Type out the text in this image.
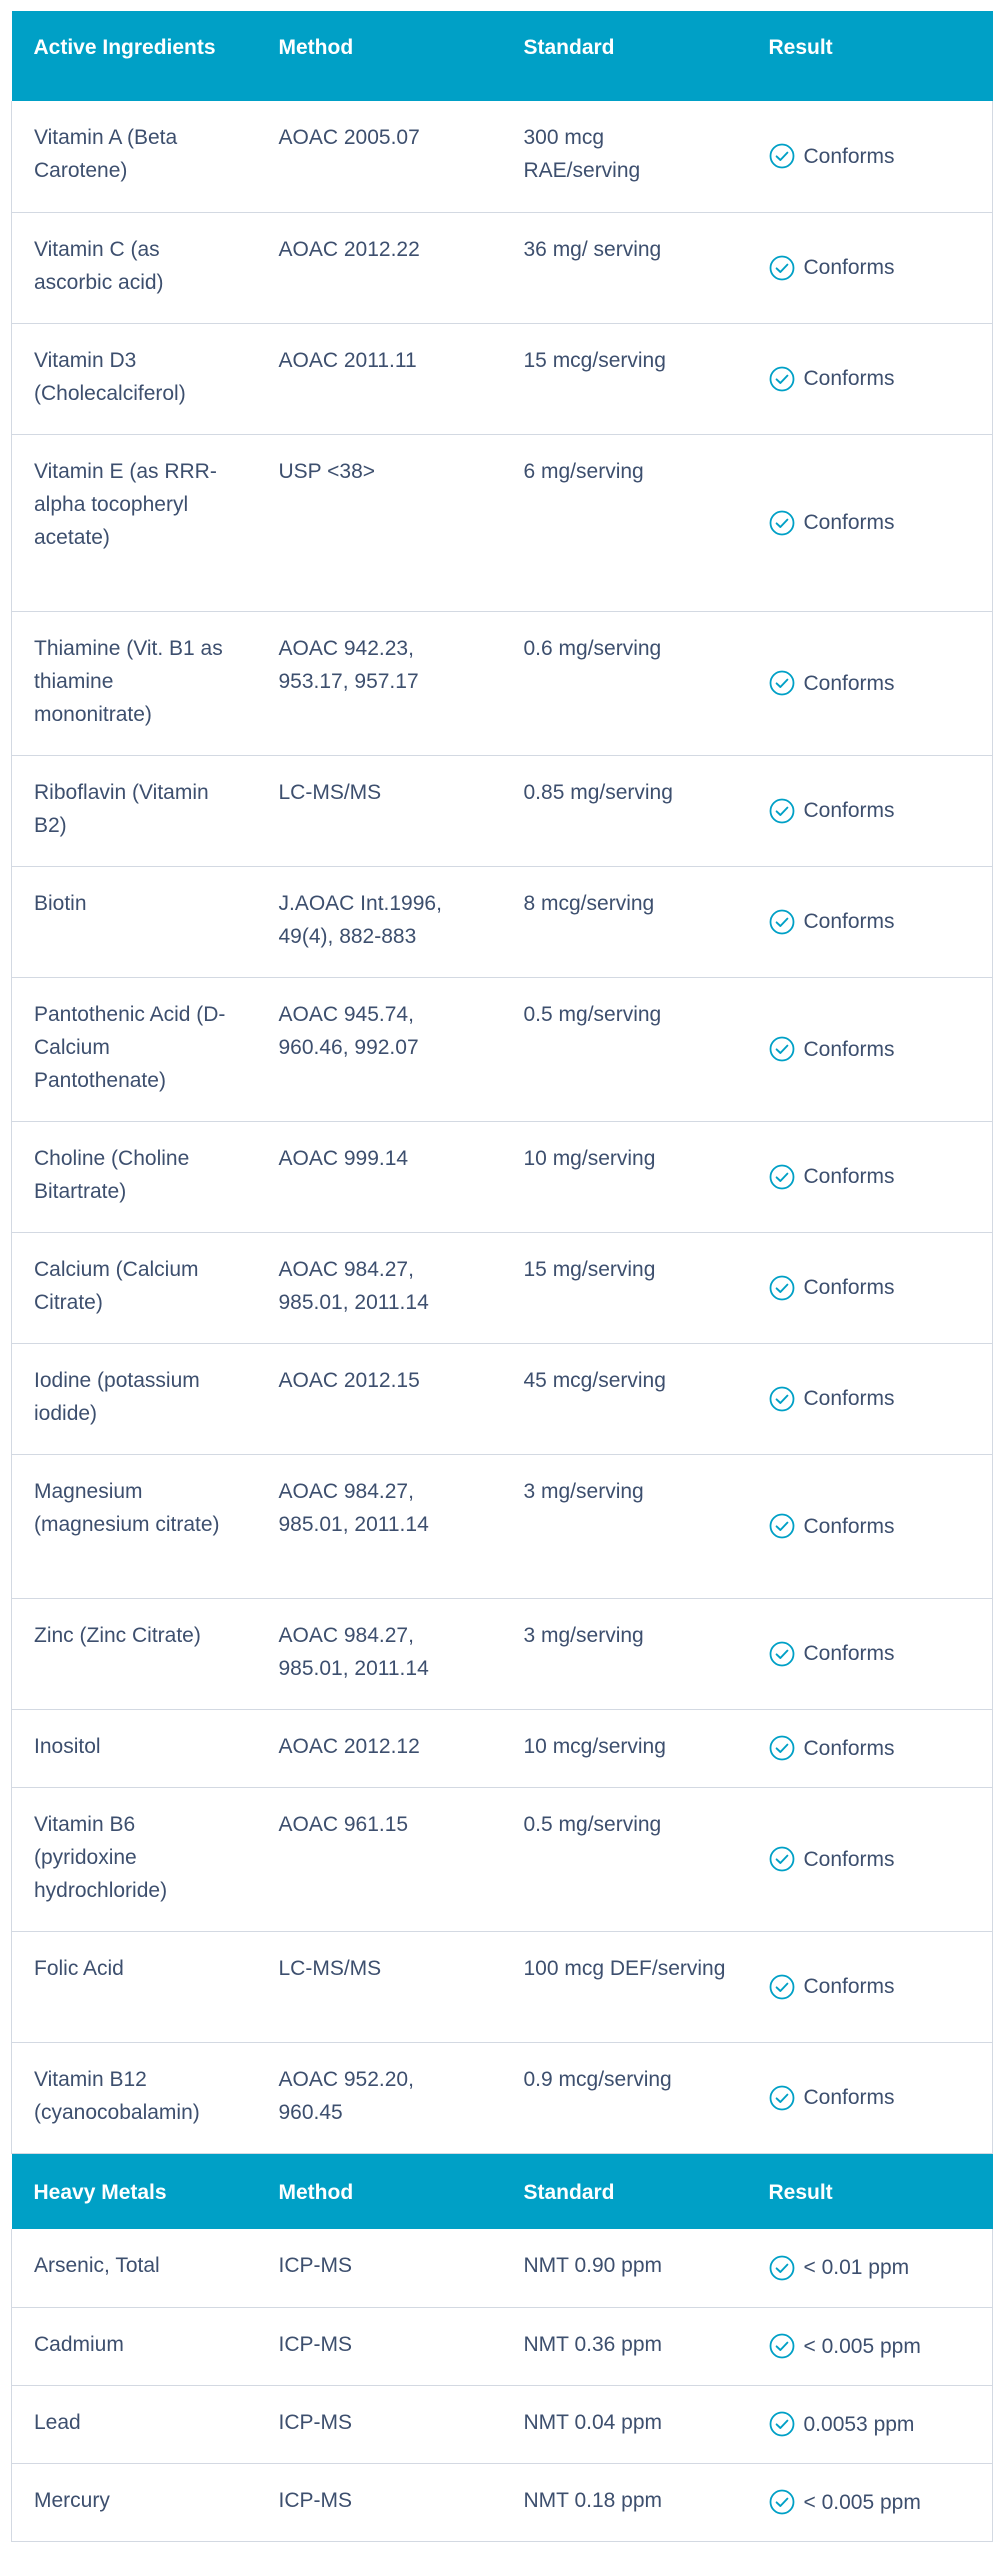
Active Ingredients	Method	Standard	Result
Vitamin A (Beta Carotene)	AOAC 2005.07	300 mcg RAE/serving	Conforms

Vitamin C (as ascorbic acid)	AOAC 2012.22	36 mg/ serving	Conforms

Vitamin D3 (Cholecalciferol)	AOAC 2011.11	15 mcg/serving	Conforms

Vitamin E (as RRR-alpha tocopheryl acetate)	USP <38>	6 mg/serving	Conforms

Thiamine (Vit. B1 as thiamine mononitrate)	AOAC 942.23, 953.17, 957.17	0.6 mg/serving	Conforms

Riboflavin (Vitamin B2)	LC-MS/MS	0.85 mg/serving	Conforms

Biotin	J.AOAC Int.1996, 49(4), 882-883	8 mcg/serving	Conforms

Pantothenic Acid (D-Calcium Pantothenate)	AOAC 945.74, 960.46, 992.07	0.5 mg/serving	Conforms

Choline (Choline Bitartrate)	AOAC 999.14	10 mg/serving	Conforms

Calcium (Calcium Citrate)	AOAC 984.27, 985.01, 2011.14	15 mg/serving	Conforms

Iodine (potassium iodide)	AOAC 2012.15	45 mcg/serving	Conforms

Magnesium (magnesium citrate)	AOAC 984.27, 985.01, 2011.14	3 mg/serving	Conforms

Zinc (Zinc Citrate)	AOAC 984.27, 985.01, 2011.14	3 mg/serving	Conforms

Inositol	AOAC 2012.12	10 mcg/serving	Conforms

Vitamin B6 (pyridoxine hydrochloride)	AOAC 961.15	0.5 mg/serving	Conforms

Folic Acid	LC-MS/MS	100 mcg DEF/serving	Conforms

Vitamin B12 (cyanocobalamin)	AOAC 952.20, 960.45	0.9 mcg/serving	Conforms

Heavy Metals	Method	Standard	Result
Arsenic, Total	ICP-MS	NMT 0.90 ppm	< 0.01 ppm

Cadmium	ICP-MS	NMT 0.36 ppm	< 0.005 ppm

Lead	ICP-MS	NMT 0.04 ppm	0.0053 ppm

Mercury	ICP-MS	NMT 0.18 ppm	< 0.005 ppm
